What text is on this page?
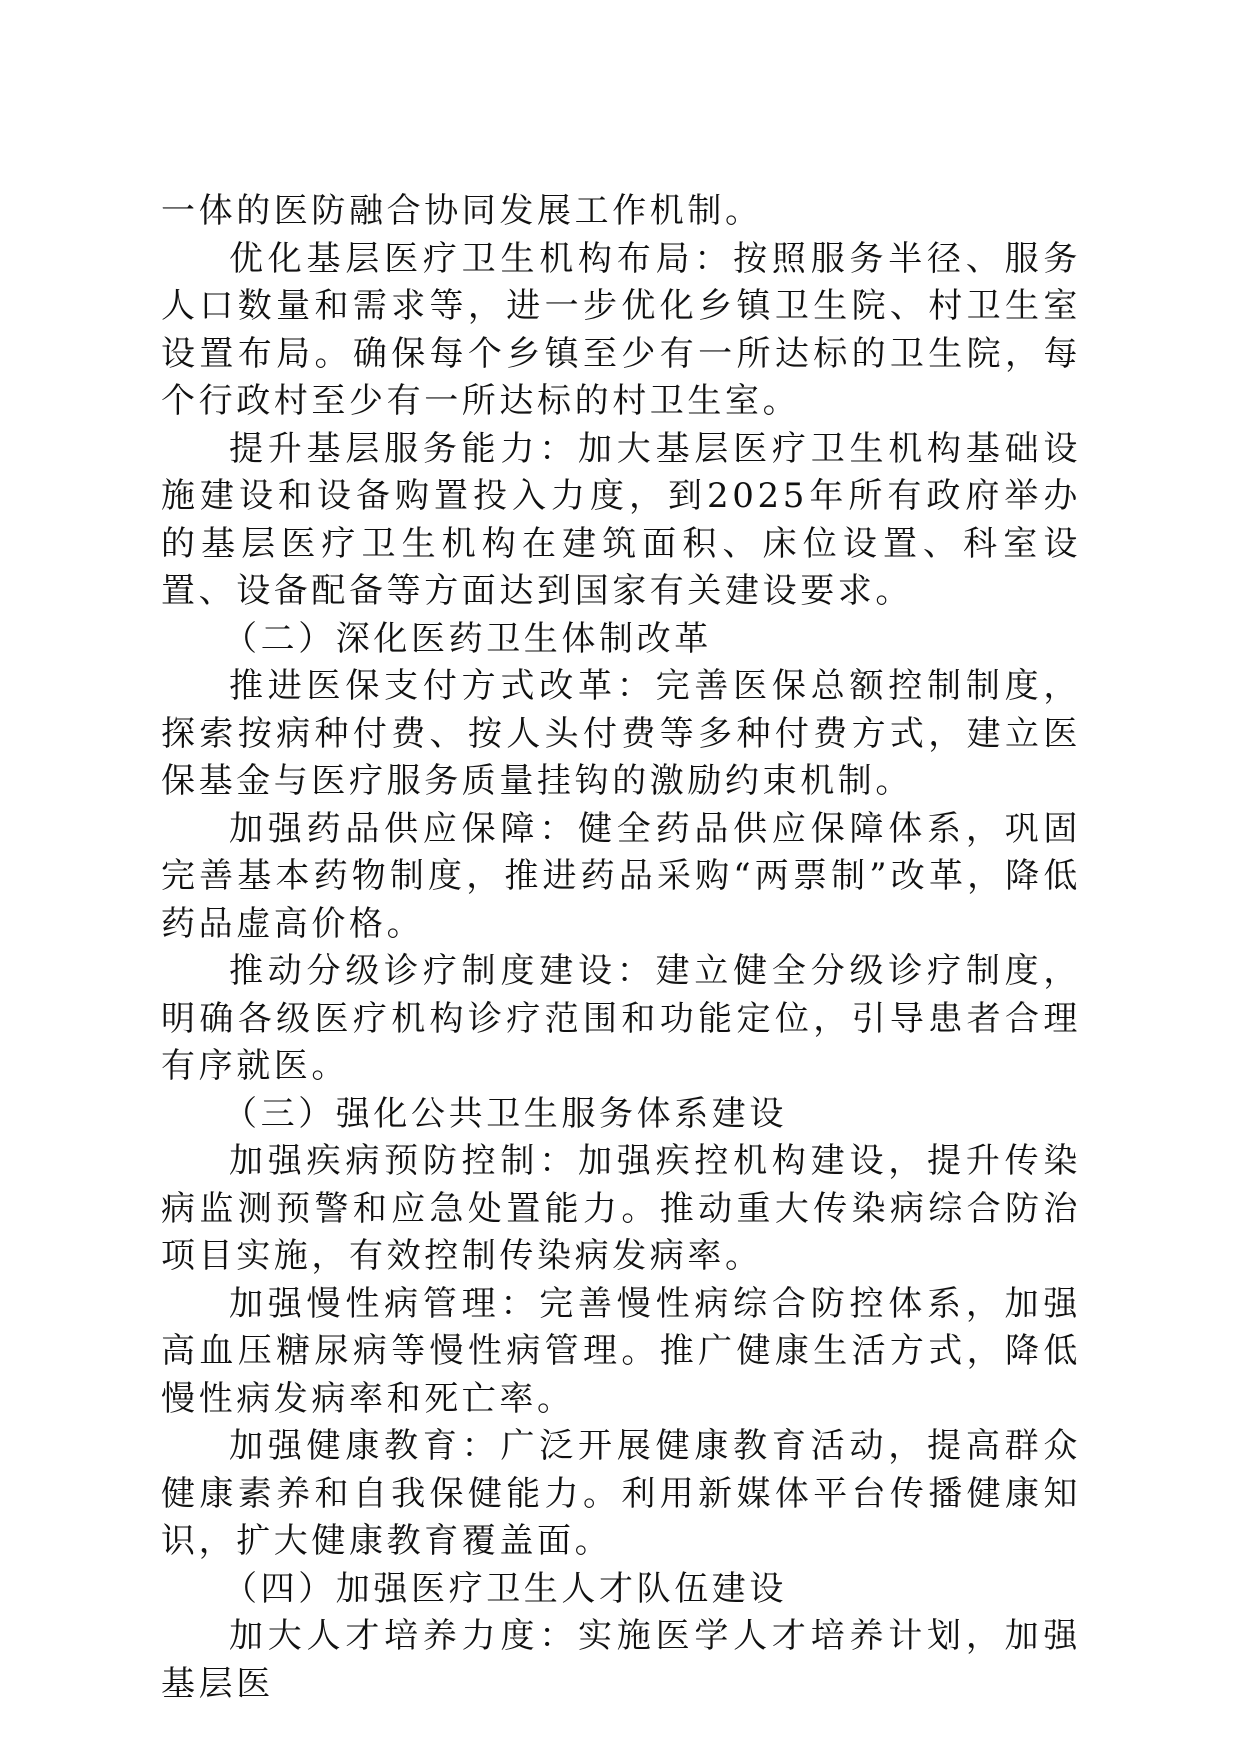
一体的医防融合协同发展工作机制。

优化基层医疗卫生机构布局：按照服务半径、服务人口数量和需求等，进一步优化乡镇卫生院、村卫生室设置布局。确保每个乡镇至少有一所达标的卫生院，每个行政村至少有一所达标的村卫生室。

提升基层服务能力：加大基层医疗卫生机构基础设施建设和设备购置投入力度，到2025年所有政府举办的基层医疗卫生机构在建筑面积、床位设置、科室设置、设备配备等方面达到国家有关建设要求。

（二）深化医药卫生体制改革

推进医保支付方式改革：完善医保总额控制制度，探索按病种付费、按人头付费等多种付费方式，建立医保基金与医疗服务质量挂钩的激励约束机制。

加强药品供应保障：健全药品供应保障体系，巩固完善基本药物制度，推进药品采购“两票制”改革，降低药品虚高价格。

推动分级诊疗制度建设：建立健全分级诊疗制度，明确各级医疗机构诊疗范围和功能定位，引导患者合理有序就医。

（三）强化公共卫生服务体系建设

加强疾病预防控制：加强疾控机构建设，提升传染病监测预警和应急处置能力。推动重大传染病综合防治项目实施，有效控制传染病发病率。

加强慢性病管理：完善慢性病综合防控体系，加强高血压糖尿病等慢性病管理。推广健康生活方式，降低慢性病发病率和死亡率。

加强健康教育：广泛开展健康教育活动，提高群众健康素养和自我保健能力。利用新媒体平台传播健康知识，扩大健康教育覆盖面。

（四）加强医疗卫生人才队伍建设

加大人才培养力度：实施医学人才培养计划，加强基层医
